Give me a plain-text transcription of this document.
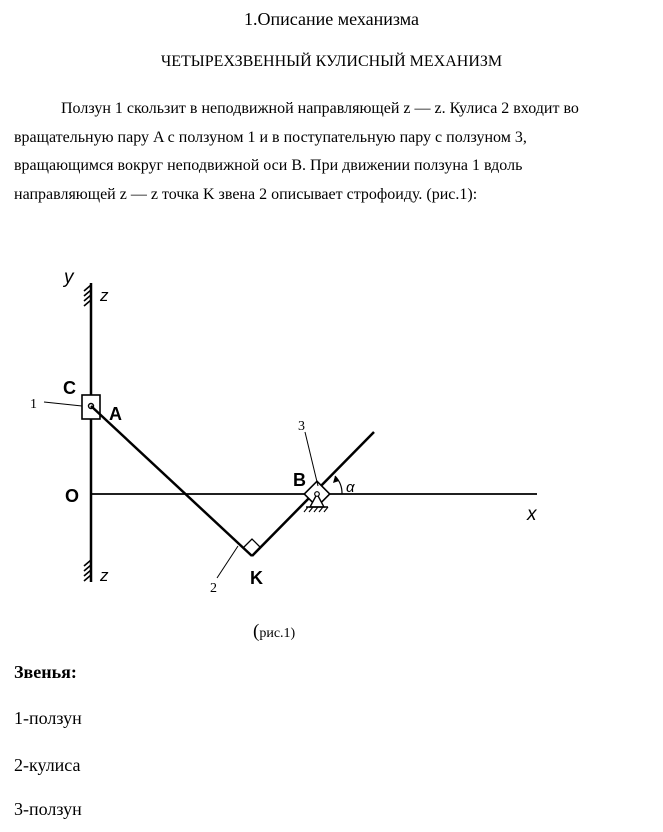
1.Описание механизма
ЧЕТЫРЕХЗВЕННЫЙ КУЛИСНЫЙ МЕХАНИЗМ

Ползун 1 скользит в неподвижной направляющей z — z. Кулиса 2 входит во
вращательную пару A с ползуном 1 и в поступательную пару с ползуном 3,
вращающимся вокруг неподвижной оси B. При движении ползуна 1 вдоль
направляющей z — z точка K звена 2 описывает строфоиду. (рис.1):

y
z
z
x
O
C
A
B
K
α
1
2
3
(рис.1)
Звенья:
1-ползун
2-кулиса
3-ползун
